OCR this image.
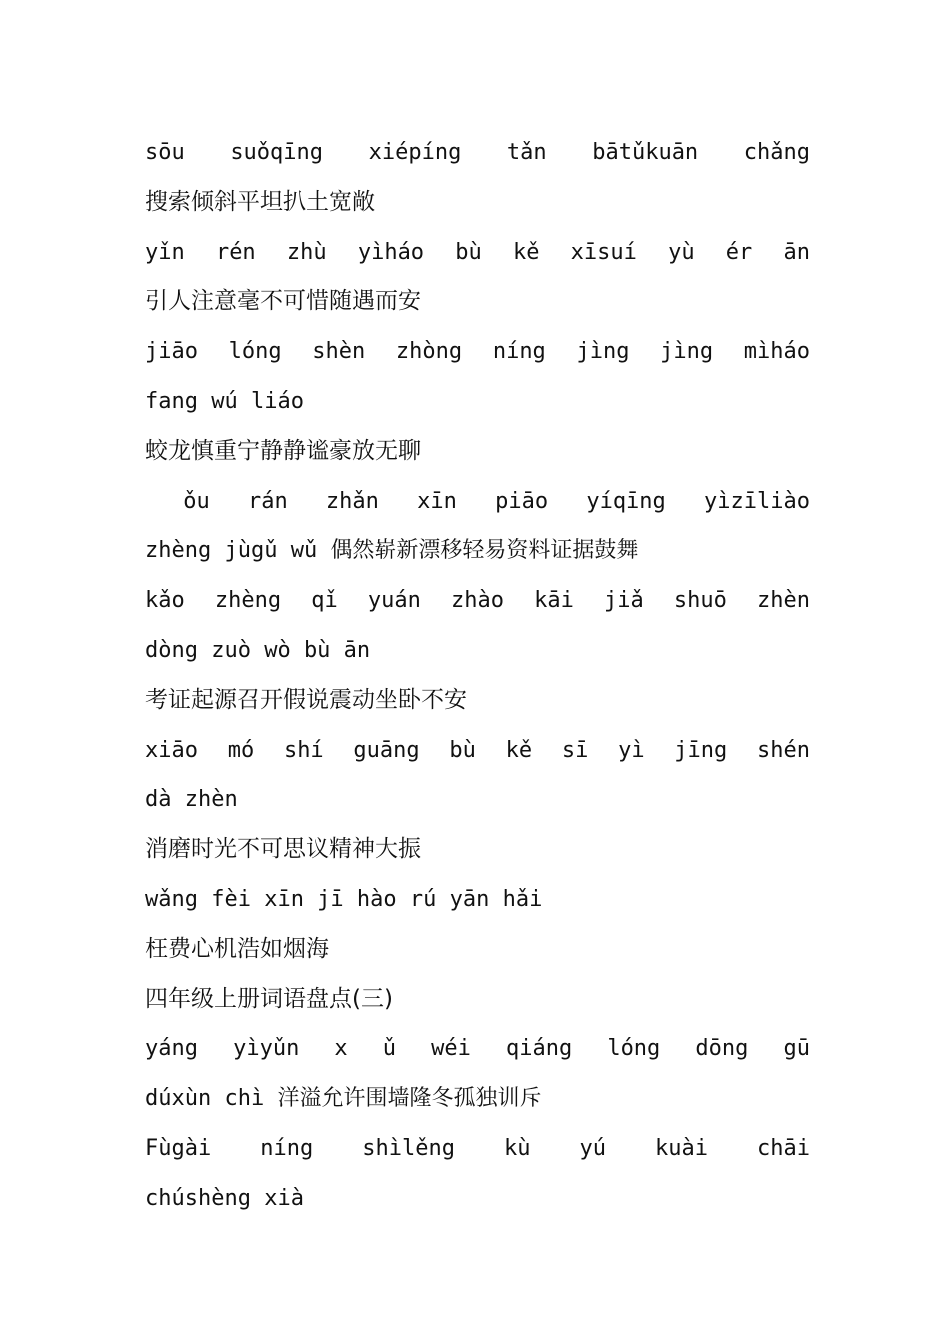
sōu suǒqīng xiépíng tǎn bātǔkuān chǎng
搜索倾斜平坦扒土宽敞
yǐn rén zhù yìháo bù kě xīsuí yù ér ān
引人注意毫不可惜随遇而安
jiāo lóng shèn zhòng níng jìng jìng mìháo
fang wú liáo
蛟龙慎重宁静静谧豪放无聊
ǒu rán zhǎn xīn piāo yíqīng yìzīliào
zhèng jùgǔ wǔ 偶然崭新漂移轻易资料证据鼓舞
kǎo zhèng qǐ yuán zhào kāi jiǎ shuō zhèn
dòng zuò wò bù ān
考证起源召开假说震动坐卧不安
xiāo mó shí guāng bù kě sī yì jīng shén
dà zhèn
消磨时光不可思议精神大振
wǎng fèi xīn jī hào rú yān hǎi
枉费心机浩如烟海
四年级上册词语盘点(三)
yáng yìyǔn x ǔ wéi qiáng lóng dōng gū
dúxùn chì 洋溢允许围墙隆冬孤独训斥
Fùgài níng shìlěng kù yú kuài chāi
chúshèng xià
